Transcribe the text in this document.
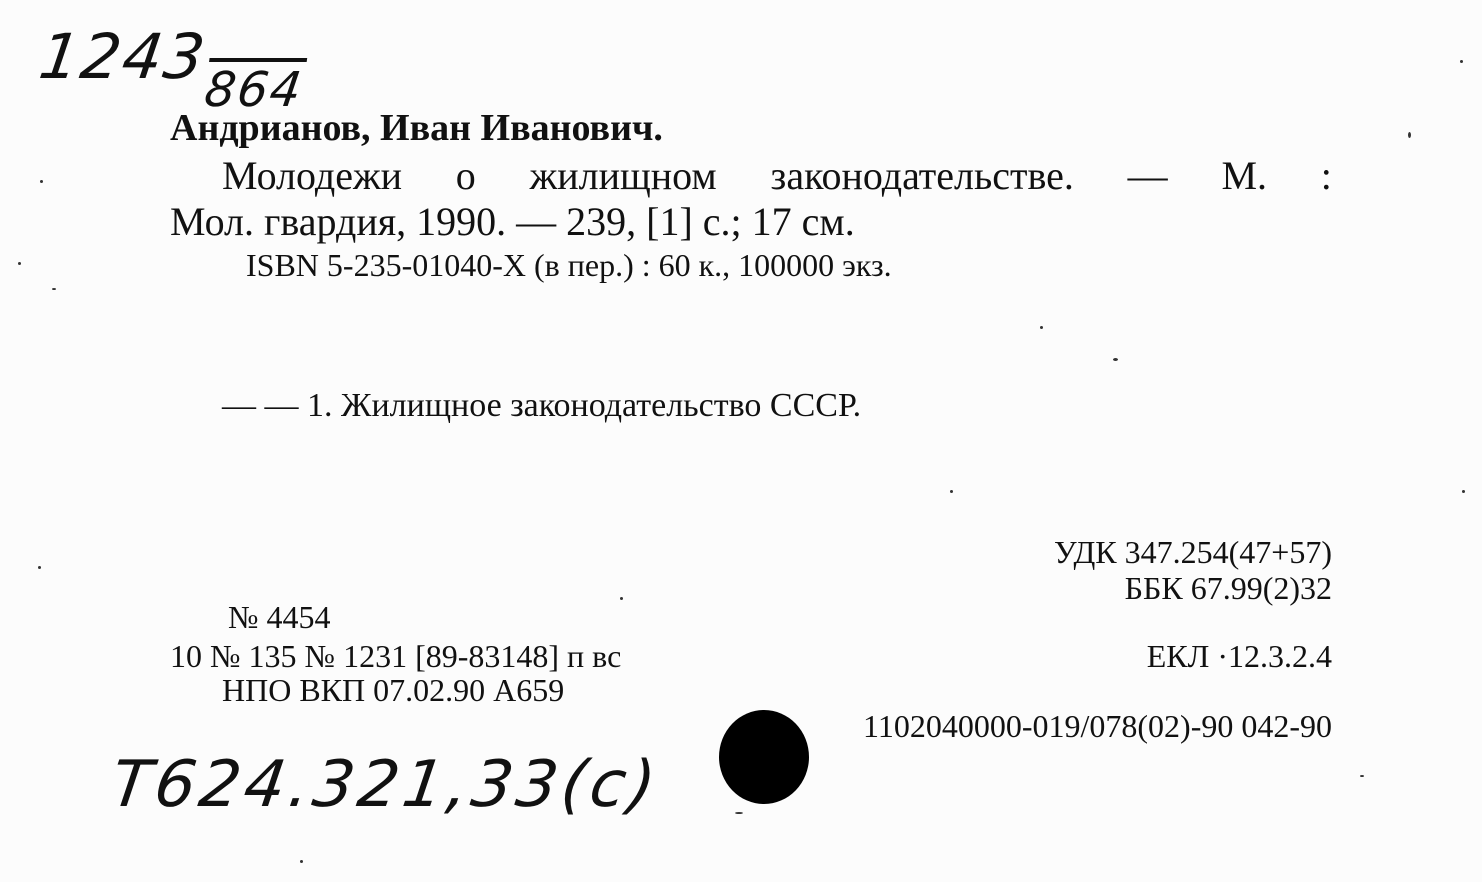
$1243_{864}$
Андрианов, Иван Иванович.
Молодежи о жилищном законодательстве. — М. :
Мол. гвардия, 1990. — 239, [1] с.; 17 см.
ISBN 5-235-01040-X (в пер.) : 60 к., 100000 экз.
— — 1. Жилищное законодательство СССР.
УДК 347.254(47+57)
ББК 67.99(2)32
№ 4454
10 № 135 № 1231 [89-83148] п вс
НПО ВКП 07.02.90 А659
ЕКЛ ·12.3.2.4
1102040000-019/078(02)-90 042-90
Т624.321,33(с)
